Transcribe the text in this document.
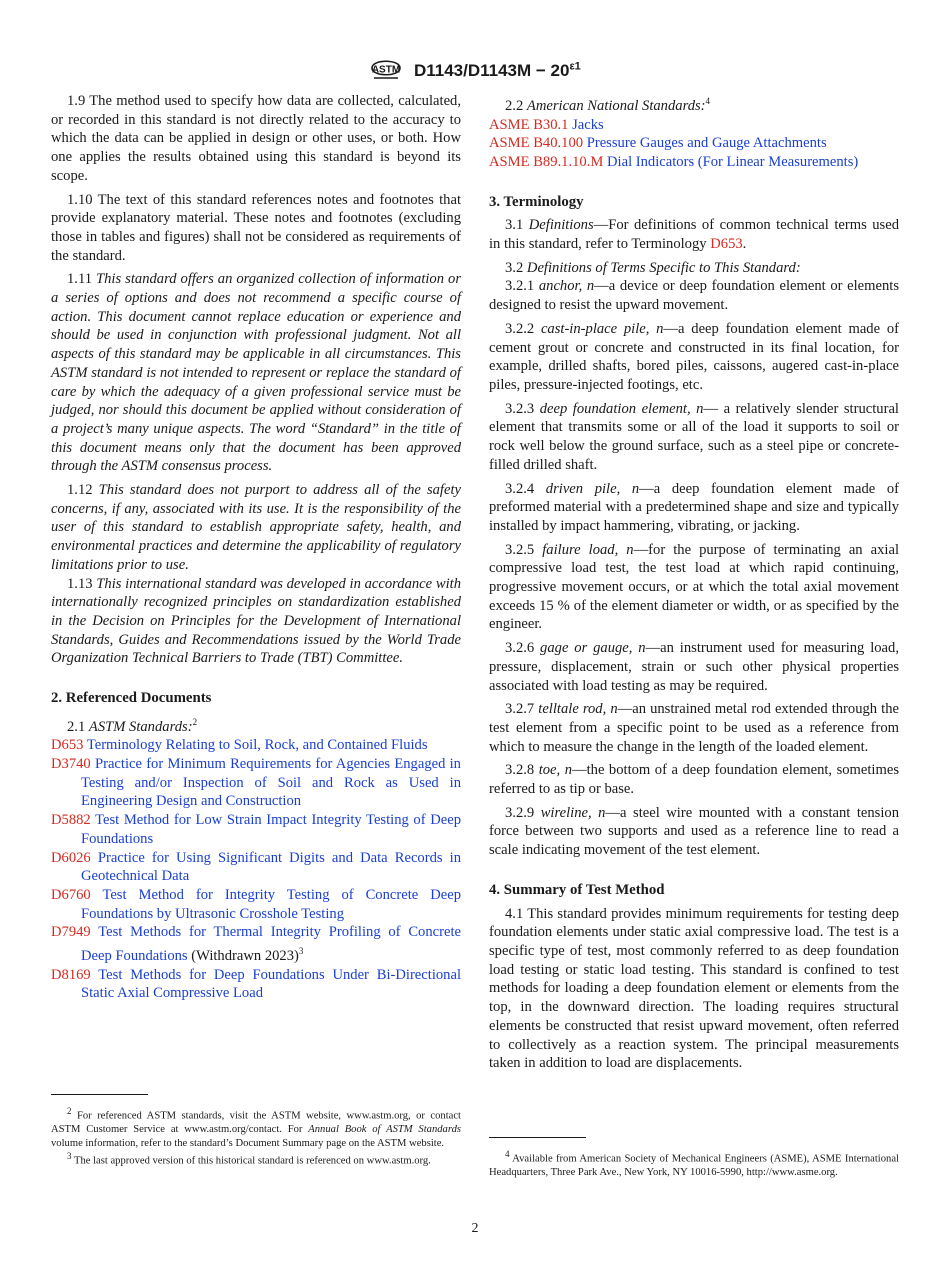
ASTM $D1143/D1143M - 20^{\varepsilon 1}$

1.9 The method used to specify how data are collected, calculated, or recorded in this standard is not directly related to the accuracy to which the data can be applied in design or other uses, or both. How one applies the results obtained using this standard is beyond its scope.

1.10 The text of this standard references notes and footnotes that provide explanatory material. These notes and footnotes (excluding those in tables and figures) shall not be considered as requirements of the standard.

1.11 This standard offers an organized collection of information or a series of options and does not recommend a specific course of action. This document cannot replace education or experience and should be used in conjunction with professional judgment. Not all aspects of this standard may be applicable in all circumstances. This ASTM standard is not intended to represent or replace the standard of care by which the adequacy of a given professional service must be judged, nor should this document be applied without consideration of a project’s many unique aspects. The word “Standard” in the title of this document means only that the document has been approved through the ASTM consensus process.

1.12 This standard does not purport to address all of the safety concerns, if any, associated with its use. It is the responsibility of the user of this standard to establish appropriate safety, health, and environmental practices and determine the applicability of regulatory limitations prior to use.

1.13 This international standard was developed in accordance with internationally recognized principles on standardization established in the Decision on Principles for the Development of International Standards, Guides and Recommendations issued by the World Trade Organization Technical Barriers to Trade (TBT) Committee.

2. Referenced Documents

2.1 ASTM Standards:$^2$

D653 Terminology Relating to Soil, Rock, and Contained Fluids

D3740 Practice for Minimum Requirements for Agencies Engaged in Testing and/or Inspection of Soil and Rock as Used in Engineering Design and Construction

D5882 Test Method for Low Strain Impact Integrity Testing of Deep Foundations

D6026 Practice for Using Significant Digits and Data Records in Geotechnical Data

D6760 Test Method for Integrity Testing of Concrete Deep Foundations by Ultrasonic Crosshole Testing

D7949 Test Methods for Thermal Integrity Profiling of Concrete Deep Foundations (Withdrawn 2023)$^3$

D8169 Test Methods for Deep Foundations Under Bi-Directional Static Axial Compressive Load

$^2$ For referenced ASTM standards, visit the ASTM website, www.astm.org, or contact ASTM Customer Service at www.astm.org/contact. For Annual Book of ASTM Standards volume information, refer to the standard’s Document Summary page on the ASTM website.

$^3$ The last approved version of this historical standard is referenced on www.astm.org.

2.2 American National Standards:$^4$

ASME B30.1 Jacks

ASME B40.100 Pressure Gauges and Gauge Attachments

ASME B89.1.10.M Dial Indicators (For Linear Measurements)

3. Terminology

3.1 Definitions—For definitions of common technical terms used in this standard, refer to Terminology D653.

3.2 Definitions of Terms Specific to This Standard:

3.2.1 anchor, n—a device or deep foundation element or elements designed to resist the upward movement.

3.2.2 cast-in-place pile, n—a deep foundation element made of cement grout or concrete and constructed in its final location, for example, drilled shafts, bored piles, caissons, augered cast-in-place piles, pressure-injected footings, etc.

3.2.3 deep foundation element, n— a relatively slender structural element that transmits some or all of the load it supports to soil or rock well below the ground surface, such as a steel pipe or concrete-filled drilled shaft.

3.2.4 driven pile, n—a deep foundation element made of preformed material with a predetermined shape and size and typically installed by impact hammering, vibrating, or jacking.

3.2.5 failure load, n—for the purpose of terminating an axial compressive load test, the test load at which rapid continuing, progressive movement occurs, or at which the total axial movement exceeds 15 % of the element diameter or width, or as specified by the engineer.

3.2.6 gage or gauge, n—an instrument used for measuring load, pressure, displacement, strain or such other physical properties associated with load testing as may be required.

3.2.7 telltale rod, n—an unstrained metal rod extended through the test element from a specific point to be used as a reference from which to measure the change in the length of the loaded element.

3.2.8 toe, n—the bottom of a deep foundation element, sometimes referred to as tip or base.

3.2.9 wireline, n—a steel wire mounted with a constant tension force between two supports and used as a reference line to read a scale indicating movement of the test element.

4. Summary of Test Method

4.1 This standard provides minimum requirements for testing deep foundation elements under static axial compressive load. The test is a specific type of test, most commonly referred to as deep foundation load testing or static load testing. This standard is confined to test methods for loading a deep foundation element or elements from the top, in the downward direction. The loading requires structural elements be constructed that resist upward movement, often referred to collectively as a reaction system. The principal measurements taken in addition to load are displacements.

$^4$ Available from American Society of Mechanical Engineers (ASME), ASME International Headquarters, Three Park Ave., New York, NY 10016-5990, http://www.asme.org.

2
